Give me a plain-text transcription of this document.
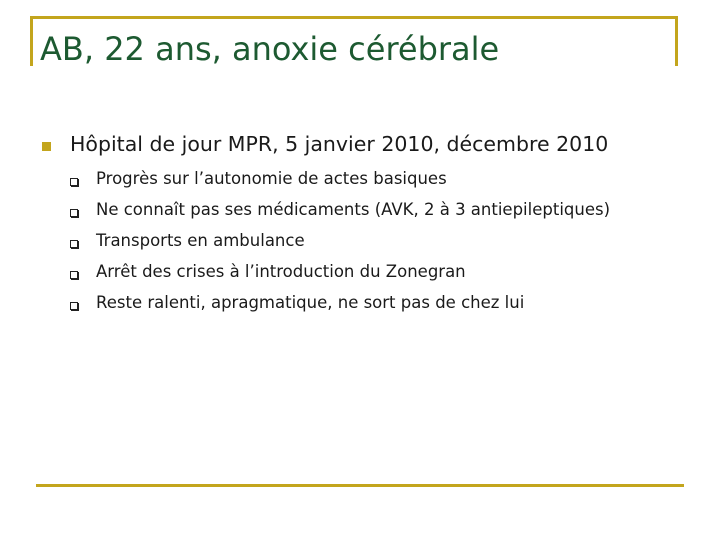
AB, 22 ans, anoxie cérébrale
Hôpital de jour MPR, 5 janvier 2010, décembre 2010
Progrès sur l’autonomie de actes basiques
Ne connaît pas ses médicaments (AVK, 2 à 3 antiepileptiques)
Transports en ambulance
Arrêt des crises à l’introduction du Zonegran
Reste ralenti, apragmatique, ne sort pas de chez lui
